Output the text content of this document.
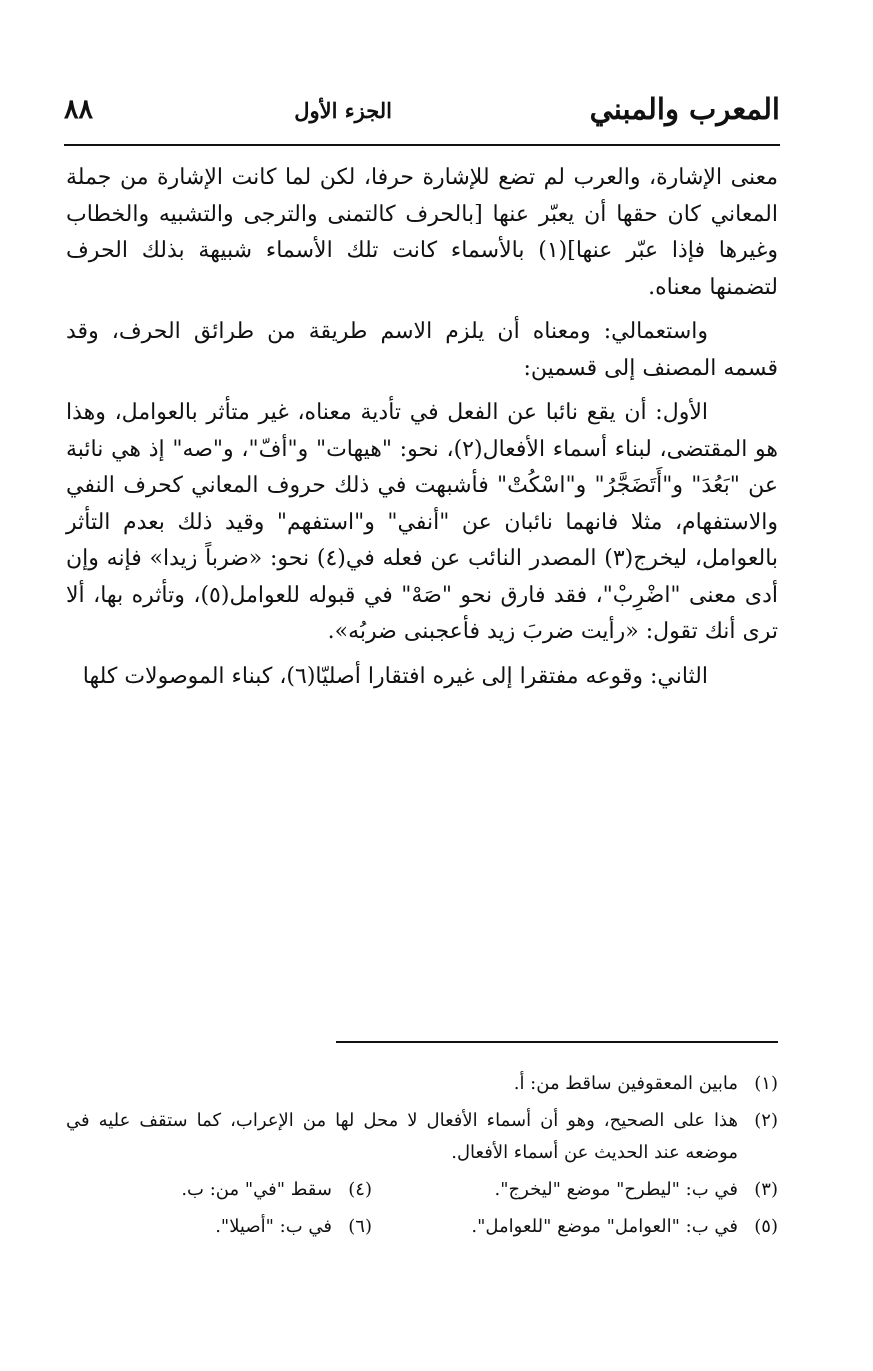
المعرب والمبني
الجزء الأول
٨٨

معنى الإشارة، والعرب لم تضع للإشارة حرفا، لكن لما كانت الإشارة من جملة المعاني كان حقها أن يعبّر عنها [بالحرف كالتمنى والترجى والتشبيه والخطاب وغيرها فإذا عبّر عنها](١) بالأسماء كانت تلك الأسماء شبيهة بذلك الحرف لتضمنها معناه.

واستعمالي: ومعناه أن يلزم الاسم طريقة من طرائق الحرف، وقد قسمه المصنف إلى قسمين:

الأول: أن يقع نائبا عن الفعل في تأدية معناه، غير متأثر بالعوامل، وهذا هو المقتضى، لبناء أسماء الأفعال(٢)، نحو: "هيهات" و"أفّ"، و"صه" إذ هي نائبة عن "بَعُدَ" و"أَتَضَجَّرُ" و"اسْكُتْ" فأشبهت في ذلك حروف المعاني كحرف النفي والاستفهام، مثلا فانهما نائبان عن "أنفي" و"استفهم" وقيد ذلك بعدم التأثر بالعوامل، ليخرج(٣) المصدر النائب عن فعله في(٤) نحو: «ضرباً زيدا» فإنه وإن أدى معنى "اضْرِبْ"، فقد فارق نحو "صَهْ" في قبوله للعوامل(٥)، وتأثره بها، ألا ترى أنك تقول: «رأيت ضربَ زيد فأعجبنى ضربُه».

الثاني: وقوعه مفتقرا إلى غيره افتقارا أصليّا(٦)، كبناء الموصولات كلها

(١)
مابين المعقوفين ساقط من: أ.
(٢)
هذا على الصحيح، وهو أن أسماء الأفعال لا محل لها من الإعراب، كما ستقف عليه في موضعه عند الحديث عن أسماء الأفعال.
(٣)
في ب: "ليطرح" موضع "ليخرج".
(٤)
سقط "في" من: ب.
(٥)
في ب: "العوامل" موضع "للعوامل".
(٦)
في ب: "أصيلا".
